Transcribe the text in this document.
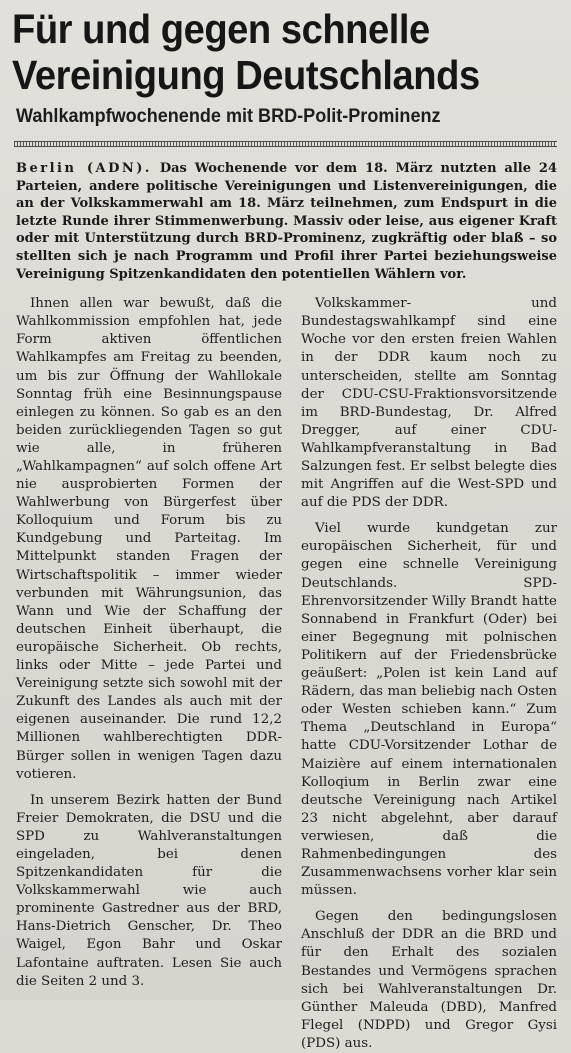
Für und gegen schnelle
Vereinigung Deutschlands
Wahlkampfwochenende mit BRD-Polit-Prominenz

Berlin (ADN). Das Wochenende vor dem 18. März nutzten alle 24 Parteien, andere politische Vereinigungen und Listenvereinigungen, die an der Volkskammerwahl am 18. März teilnehmen, zum Endspurt in die letzte Runde ihrer Stimmenwerbung. Massiv oder leise, aus eigener Kraft oder mit Unterstützung durch BRD-Prominenz, zugkräftig oder blaß – so stellten sich je nach Programm und Profil ihrer Partei beziehungsweise Vereinigung Spitzenkandidaten den potentiellen Wählern vor.

Ihnen allen war bewußt, daß die Wahlkommission empfohlen hat, jede Form aktiven öffentlichen Wahlkampfes am Freitag zu beenden, um bis zur Öffnung der Wahllokale Sonntag früh eine Besinnungspause einlegen zu können. So gab es an den beiden zurückliegenden Tagen so gut wie alle, in früheren „Wahlkampagnen“ auf solch offene Art nie ausprobierten Formen der Wahlwerbung von Bürgerfest über Kolloquium und Forum bis zu Kundgebung und Parteitag. Im Mittelpunkt standen Fragen der Wirtschaftspolitik – immer wieder verbunden mit Währungsunion, das Wann und Wie der Schaffung der deutschen Einheit überhaupt, die europäische Sicherheit. Ob rechts, links oder Mitte – jede Partei und Vereinigung setzte sich sowohl mit der Zukunft des Landes als auch mit der eigenen auseinander. Die rund 12,2 Millionen wahlberechtigten DDR-Bürger sollen in wenigen Tagen dazu votieren.

In unserem Bezirk hatten der Bund Freier Demokraten, die DSU und die SPD zu Wahlveranstaltungen eingeladen, bei denen Spitzenkandidaten für die Volkskammerwahl wie auch prominente Gastredner aus der BRD, Hans-Dietrich Genscher, Dr. Theo Waigel, Egon Bahr und Oskar Lafontaine auftraten. Lesen Sie auch die Seiten 2 und 3.

Volkskammer- und Bundestagswahlkampf sind eine Woche vor den ersten freien Wahlen in der DDR kaum noch zu unterscheiden, stellte am Sonntag der CDU-CSU-Fraktionsvorsitzende im BRD-Bundestag, Dr. Alfred Dregger, auf einer CDU-Wahlkampfveranstaltung in Bad Salzungen fest. Er selbst belegte dies mit Angriffen auf die West-SPD und auf die PDS der DDR.

Viel wurde kundgetan zur europäischen Sicherheit, für und gegen eine schnelle Vereinigung Deutschlands. SPD-Ehrenvorsitzender Willy Brandt hatte Sonnabend in Frankfurt (Oder) bei einer Begegnung mit polnischen Politikern auf der Friedensbrücke geäußert: „Polen ist kein Land auf Rädern, das man beliebig nach Osten oder Westen schieben kann.“ Zum Thema „Deutschland in Europa“ hatte CDU-Vorsitzender Lothar de Maizière auf einem internationalen Kolloqium in Berlin zwar eine deutsche Vereinigung nach Artikel 23 nicht abgelehnt, aber darauf verwiesen, daß die Rahmenbedingungen des Zusammenwachsens vorher klar sein müssen.

Gegen den bedingungslosen Anschluß der DDR an die BRD und für den Erhalt des sozialen Bestandes und Vermögens sprachen sich bei Wahlveranstaltungen Dr. Günther Maleuda (DBD), Manfred Flegel (NDPD) und Gregor Gysi (PDS) aus.
